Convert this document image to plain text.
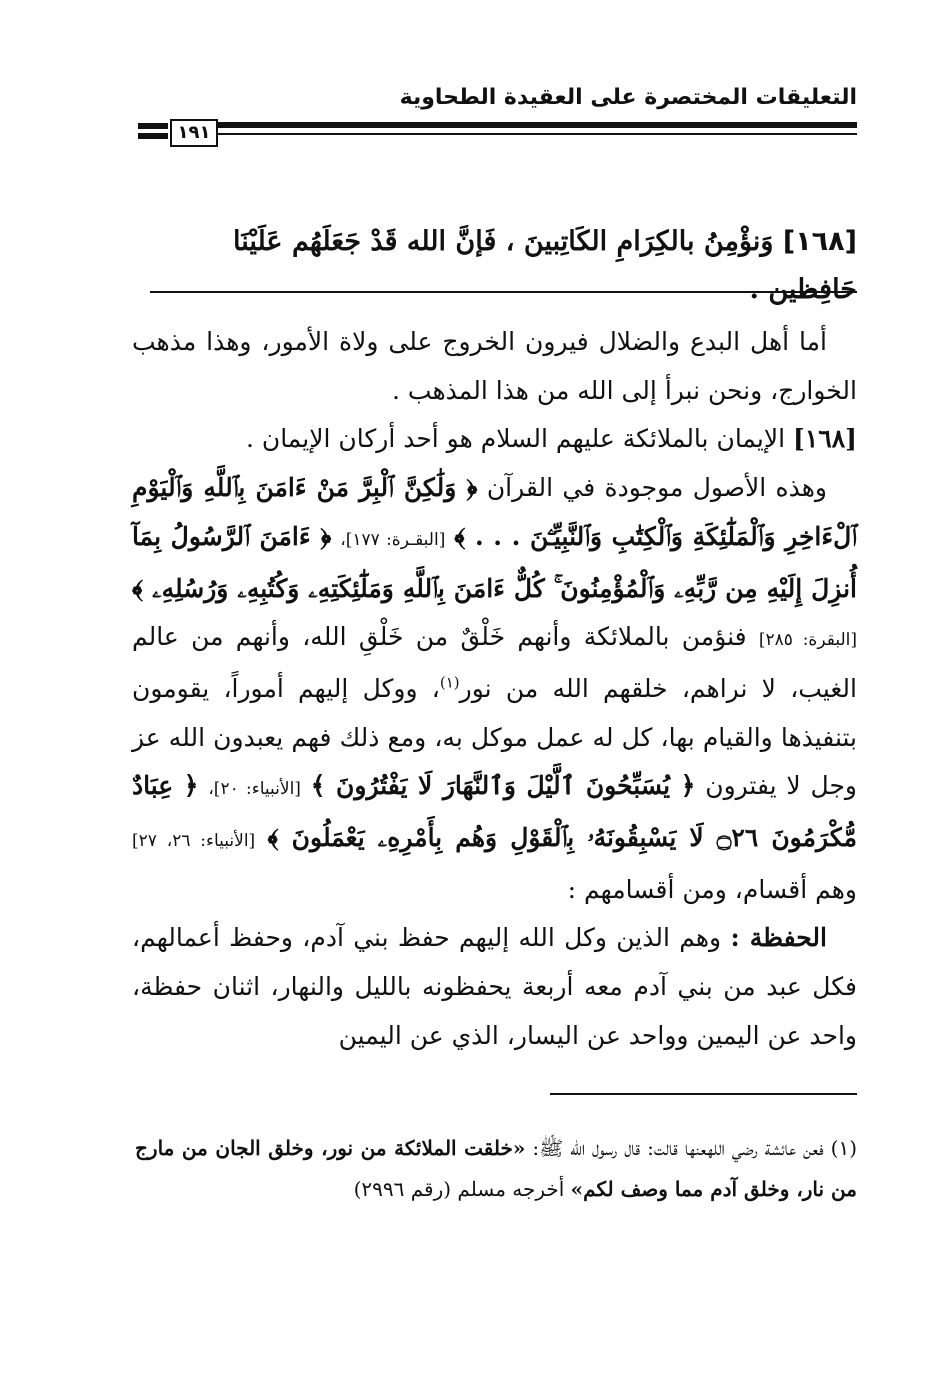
التعليقات المختصرة على العقيدة الطحاوية
١٩١
[١٦٨] وَنؤْمِنُ بالكِرَامِ الكَاتِبينَ ، فَإنَّ الله قَدْ جَعَلَهُم عَلَيْنَا حَافِظين .

أما أهل البدع والضلال فيرون الخروج على ولاة الأمور، وهذا مذهب الخوارج، ونحن نبرأ إلى الله من هذا المذهب .

[١٦٨] الإيمان بالملائكة عليهم السلام هو أحد أركان الإيمان .

وهذه الأصول موجودة في القرآن ﴿ وَلَٰكِنَّ ٱلْبِرَّ مَنْ ءَامَنَ بِٱللَّهِ وَٱلْيَوْمِ ٱلْءَاخِرِ وَٱلْمَلَٰٓئِكَةِ وَٱلْكِتَٰبِ وَٱلنَّبِيِّـۧنَ . . . ﴾ [البقـرة: ١٧٧]، ﴿ ءَامَنَ ٱلرَّسُولُ بِمَآ أُنزِلَ إِلَيْهِ مِن رَّبِّهِۦ وَٱلْمُؤْمِنُونَ ۚ كُلٌّ ءَامَنَ بِٱللَّهِ وَمَلَٰٓئِكَتِهِۦ وَكُتُبِهِۦ وَرُسُلِهِۦ ﴾ [البقرة: ٢٨٥] فنؤمن بالملائكة وأنهم خَلْقٌ من خَلْقِ الله، وأنهم من عالم الغيب، لا نراهم، خلقهم الله من نور$^{(١)}$، ووكل إليهم أموراً، يقومون بتنفيذها والقيام بها، كل له عمل موكل به، ومع ذلك فهم يعبدون الله عز وجل لا يفترون ﴿ يُسَبِّحُونَ ٱلَّيْلَ وَٱلنَّهَارَ لَا يَفْتُرُونَ ﴾ [الأنبياء: ٢٠]، ﴿ عِبَادٌ مُّكْرَمُونَ ۝٢٦ لَا يَسْبِقُونَهُۥ بِٱلْقَوْلِ وَهُم بِأَمْرِهِۦ يَعْمَلُونَ ﴾ [الأنبياء: ٢٦، ٢٧] وهم أقسام، ومن أقسامهم :

الحفظة : وهم الذين وكل الله إليهم حفظ بني آدم، وحفظ أعمالهم، فكل عبد من بني آدم معه أربعة يحفظونه بالليل والنهار، اثنان حفظة، واحد عن اليمين وواحد عن اليسار، الذي عن اليمين

(١) فعن عائشة رضي اللهعنها قالت: قال رسول الله ﷺ: «خلقت الملائكة من نور، وخلق الجان من مارج من نار، وخلق آدم مما وصف لكم» أخرجه مسلم (رقم ٢٩٩٦)
